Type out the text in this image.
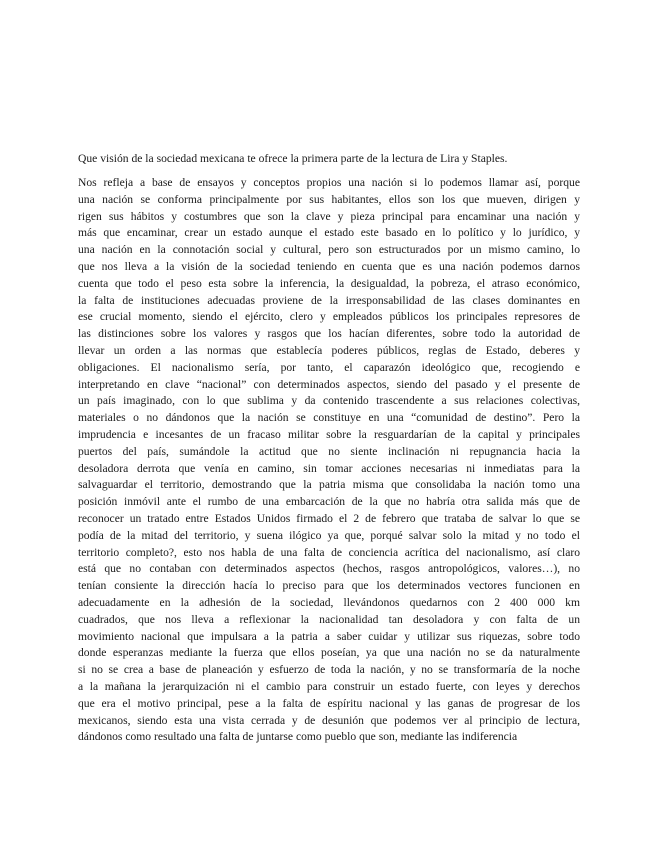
Que visión de la sociedad mexicana te ofrece la primera parte de la lectura de Lira y Staples.

Nos refleja a base de ensayos y conceptos propios una nación si lo podemos llamar así, porque
una nación se conforma principalmente por sus habitantes, ellos son los que mueven, dirigen y
rigen sus hábitos y costumbres que son la clave y pieza principal para encaminar una nación y
más que encaminar, crear un estado aunque el estado este basado en lo político y lo jurídico, y
una nación en la connotación social y cultural, pero son estructurados por un mismo camino, lo
que nos lleva a la visión de la sociedad teniendo en cuenta que es una nación podemos darnos
cuenta que todo el peso esta sobre la inferencia, la desigualdad, la pobreza, el atraso económico,
la falta de instituciones adecuadas proviene de la irresponsabilidad de las clases dominantes en
ese crucial momento, siendo el ejército, clero y empleados públicos los principales represores de
las distinciones sobre los valores y rasgos que los hacían diferentes, sobre todo la autoridad de
llevar un orden a las normas que establecía poderes públicos, reglas de Estado, deberes y
obligaciones. El nacionalismo sería, por tanto, el caparazón ideológico que, recogiendo e
interpretando en clave “nacional” con determinados aspectos, siendo del pasado y el presente de
un país imaginado, con lo que sublima y da contenido trascendente a sus relaciones colectivas,
materiales o no dándonos que la nación se constituye en una “comunidad de destino”. Pero la
imprudencia e incesantes de un fracaso militar sobre la resguardarían de la capital y principales
puertos del país, sumándole la actitud que no siente inclinación ni repugnancia hacia la
desoladora derrota que venía en camino, sin tomar acciones necesarias ni inmediatas para la
salvaguardar el territorio, demostrando que la patria misma que consolidaba la nación tomo una
posición inmóvil ante el rumbo de una embarcación de la que no habría otra salida más que de
reconocer un tratado entre Estados Unidos firmado el 2 de febrero que trataba de salvar lo que se
podía de la mitad del territorio, y suena ilógico ya que, porqué salvar solo la mitad y no todo el
territorio completo?, esto nos habla de una falta de conciencia acrítica del nacionalismo, así claro
está que no contaban con determinados aspectos (hechos, rasgos antropológicos, valores…), no
tenían consiente la dirección hacía lo preciso para que los determinados vectores funcionen en
adecuadamente en la adhesión de la sociedad, llevándonos quedarnos con 2 400 000 km
cuadrados, que nos lleva a reflexionar la nacionalidad tan desoladora y con falta de un
movimiento nacional que impulsara a la patria a saber cuidar y utilizar sus riquezas, sobre todo
donde esperanzas mediante la fuerza que ellos poseían, ya que una nación no se da naturalmente
si no se crea a base de planeación y esfuerzo de toda la nación, y no se transformaría de la noche
a la mañana la jerarquización ni el cambio para construir un estado fuerte, con leyes y derechos
que era el motivo principal, pese a la falta de espíritu nacional y las ganas de progresar de los
mexicanos, siendo esta una vista cerrada y de desunión que podemos ver al principio de lectura,
dándonos como resultado una falta de juntarse como pueblo que son, mediante las indiferencia
